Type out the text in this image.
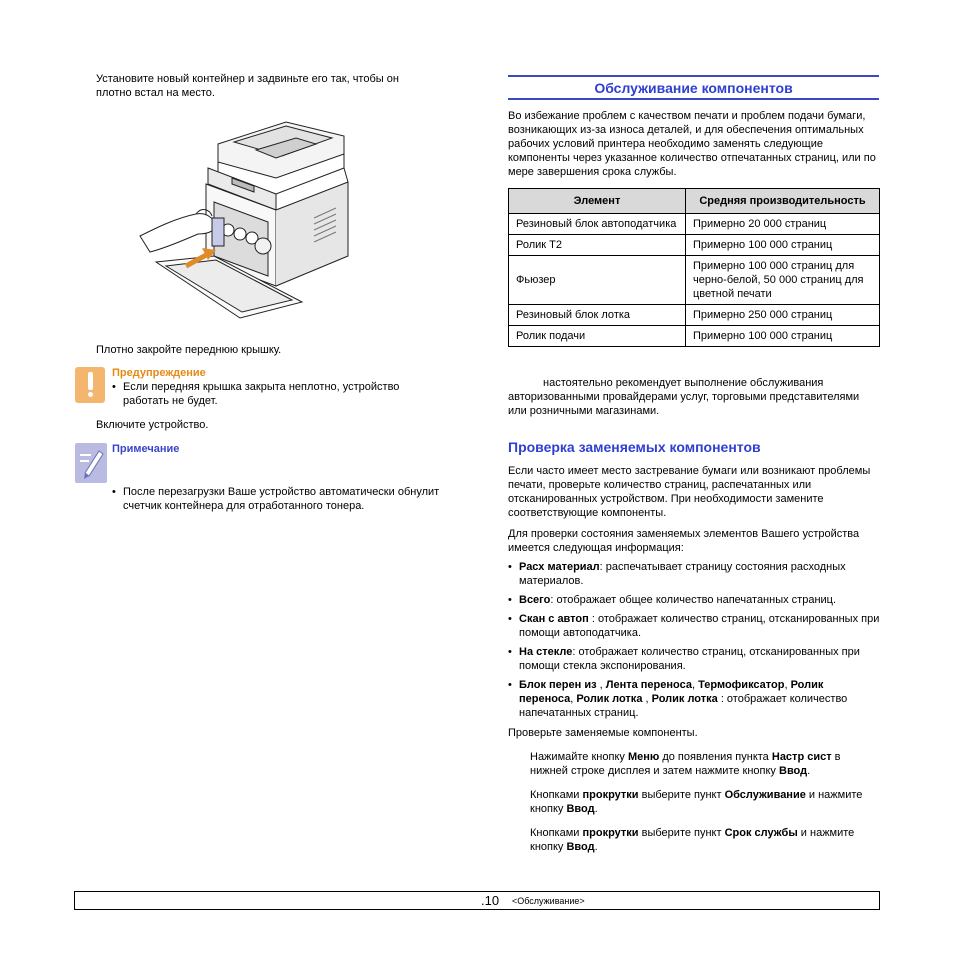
Установите новый контейнер и задвиньте его так, чтобы он плотно встал на место.

Плотно закройте переднюю крышку.

Предупреждение

• Если передняя крышка закрыта неплотно, устройство работать не будет.

Включите устройство.

Примечание

• После перезагрузки Ваше устройство автоматически обнулит счетчик контейнера для отработанного тонера.

Обслуживание компонентов

Во избежание проблем с качеством печати и проблем подачи бумаги, возникающих из-за износа деталей, и для обеспечения оптимальных рабочих условий принтера необходимо заменять следующие компоненты через указанное количество отпечатанных страниц, или по мере завершения срока службы.

Элемент	Средняя производительность
Резиновый блок автоподатчика	Примерно 20 000 страниц
Ролик Т2	Примерно 100 000 страниц
Фьюзер	Примерно 100 000 страниц для черно-белой, 50 000 страниц для цветной печати
Резиновый блок лотка	Примерно 250 000 страниц
Ролик подачи	Примерно 100 000 страниц

настоятельно рекомендует выполнение обслуживания авторизованными провайдерами услуг, торговыми представителями или розничными магазинами.

Проверка заменяемых компонентов

Если часто имеет место застревание бумаги или возникают проблемы печати, проверьте количество страниц, распечатанных или отсканированных устройством. При необходимости замените соответствующие компоненты.

Для проверки состояния заменяемых элементов Вашего устройства имеется следующая информация:

• Расх материал: распечатывает страницу состояния расходных материалов.

• Всего: отображает общее количество напечатанных страниц.

• Скан с автоп : отображает количество страниц, отсканированных при помощи автоподатчика.

• На стекле: отображает количество страниц, отсканированных при помощи стекла экспонирования.

• Блок перен из , Лента переноса, Термофиксатор, Ролик переноса, Ролик лотка , Ролик лотка : отображает количество напечатанных страниц.

Проверьте заменяемые компоненты.

Нажимайте кнопку Меню до появления пункта Настр сист в нижней строке дисплея и затем нажмите кнопку Ввод.

Кнопками прокрутки выберите пункт Обслуживание и нажмите кнопку Ввод.

Кнопками прокрутки выберите пункт Срок службы и нажмите кнопку Ввод.

.10 <Обслуживание>
